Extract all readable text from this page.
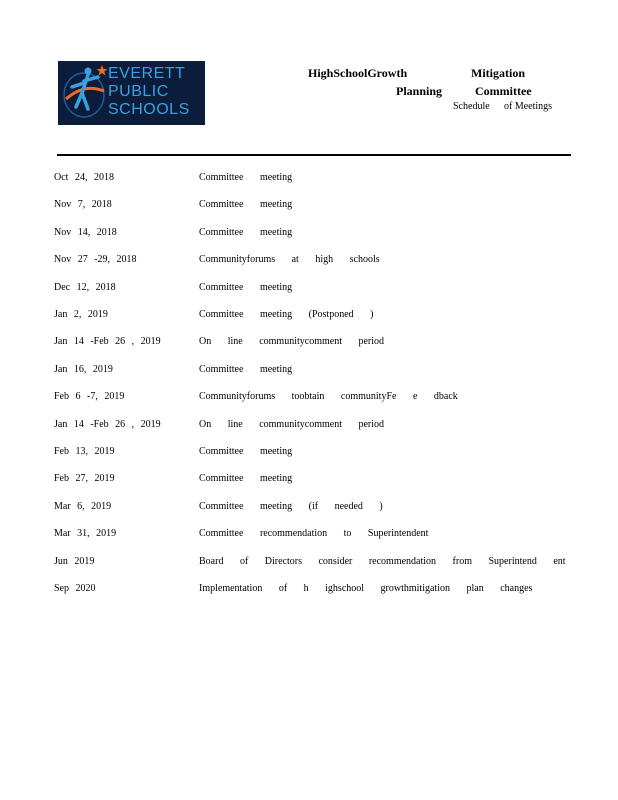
EVERETT
PUBLIC
SCHOOLS
HighSchoolGrowth	Mitigation
Planning	Committee
Schedule of Meetings
Oct 24, 2018	Committee meeting
Nov 7, 2018	Committee meeting
Nov 14, 2018	Committee meeting
Nov 27 -29, 2018	Communityforums at high schools
Dec 12, 2018	Committee meeting
Jan 2, 2019	Committee meeting (Postponed )
Jan 14 -Feb 26 , 2019	On line communitycomment period
Jan 16, 2019	Committee meeting
Feb 6 -7, 2019	Communityforums toobtain communityFe e dback
Jan 14 -Feb 26 , 2019	On line communitycomment period
Feb 13, 2019	Committee meeting
Feb 27, 2019	Committee meeting
Mar 6, 2019	Committee meeting (if needed )
Mar 31, 2019	Committee recommendation to Superintendent
Jun 2019	Board of Directors consider recommendation from Superintend ent
Sep 2020	Implementation of h ighschool growthmitigation plan changes
